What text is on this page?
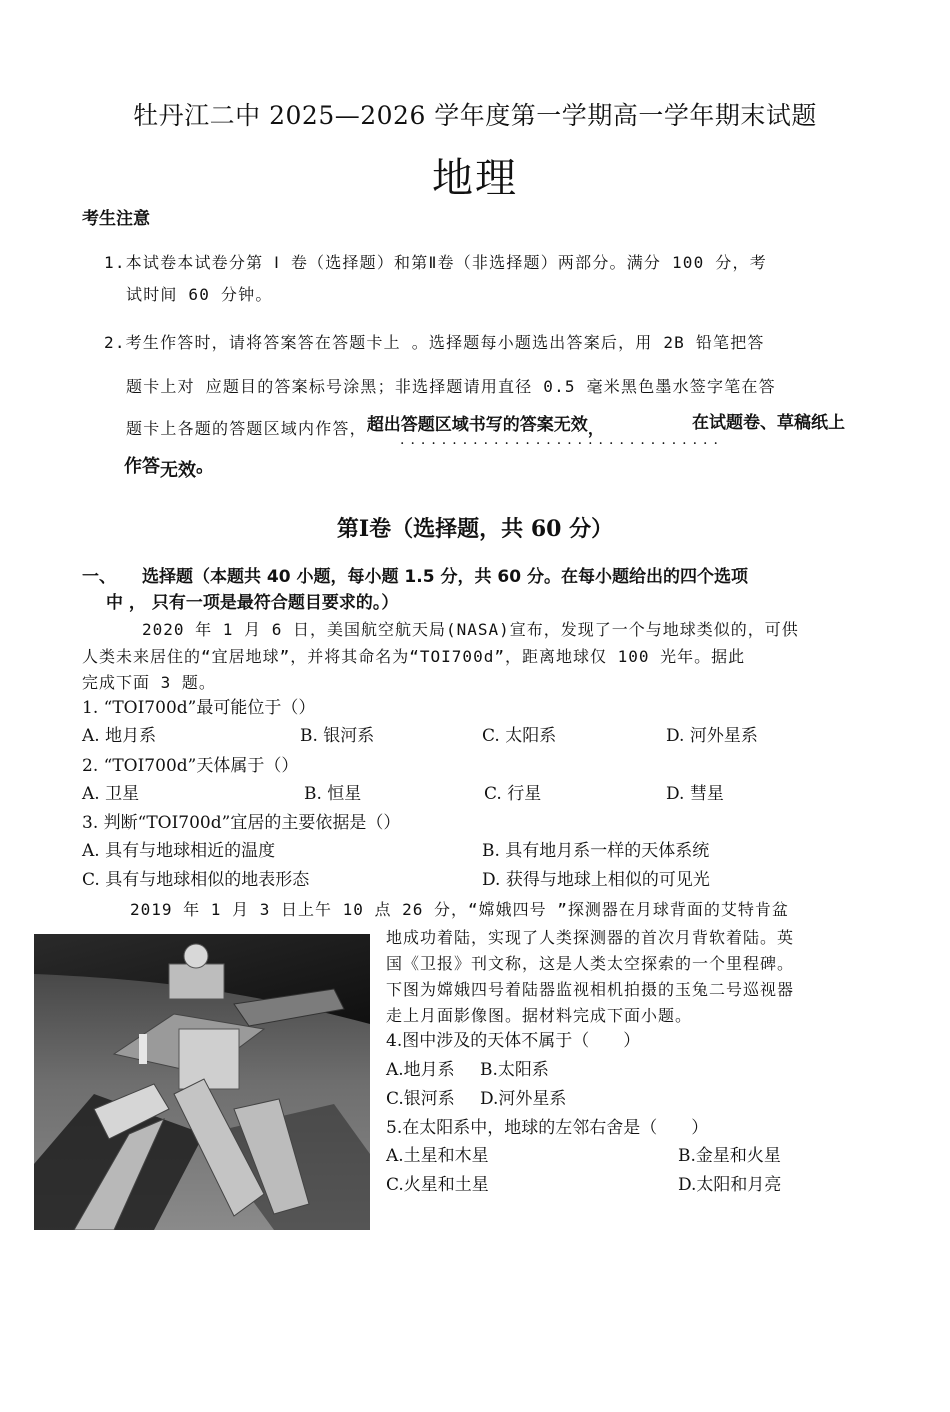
牡丹江二中 2025—2026 学年度第一学期高一学年期末试题
地理
考生注意
1.本试卷本试卷分第 Ⅰ 卷（选择题）和第Ⅱ卷（非选择题）两部分。满分 100 分，考
试时间 60 分钟。
2.考生作答时，请将答案答在答题卡上 。选择题每小题选出答案后，用 2B 铅笔把答
题卡上对 应题目的答案标号涂黑；非选择题请用直径 0.5 毫米黑色墨水签字笔在答
题卡上各题的答题区域内作答，超出答题区域书写的答案无效，	在试题卷、草稿纸上
·······························
作答无效。
第Ⅰ卷（选择题，共 60 分）
一、 选择题（本题共 40 小题，每小题 1.5 分，共 60 分。在每小题给出的四个选项
中 ， 只有一项是最符合题目要求的。）
2020 年 1 月 6 日，美国航空航天局(NASA)宣布，发现了一个与地球类似的，可供
人类未来居住的“宜居地球”，并将其命名为“TOI700d”，距离地球仅 100 光年。据此
完成下面 3 题。
1. “TOI700d”最可能位于（）
A. 地月系	B. 银河系	C. 太阳系	D. 河外星系
2. “TOI700d”天体属于（）
A. 卫星	B. 恒星	C. 行星	D. 彗星
3. 判断“TOI700d”宜居的主要依据是（）
A. 具有与地球相近的温度	B. 具有地月系一样的天体系统
C. 具有与地球相似的地表形态	D. 获得与地球上相似的可见光
2019 年 1 月 3 日上午 10 点 26 分，“嫦娥四号 ”探测器在月球背面的艾特肯盆
地成功着陆，实现了人类探测器的首次月背软着陆。英
国《卫报》刊文称，这是人类太空探索的一个里程碑。
下图为嫦娥四号着陆器监视相机拍摄的玉兔二号巡视器
走上月面影像图。据材料完成下面小题。
4.图中涉及的天体不属于（　　）
A.地月系 B.太阳系
C.银河系 D.河外星系
5.在太阳系中，地球的左邻右舍是（　　）
A.土星和木星	B.金星和火星
C.火星和土星	D.太阳和月亮
